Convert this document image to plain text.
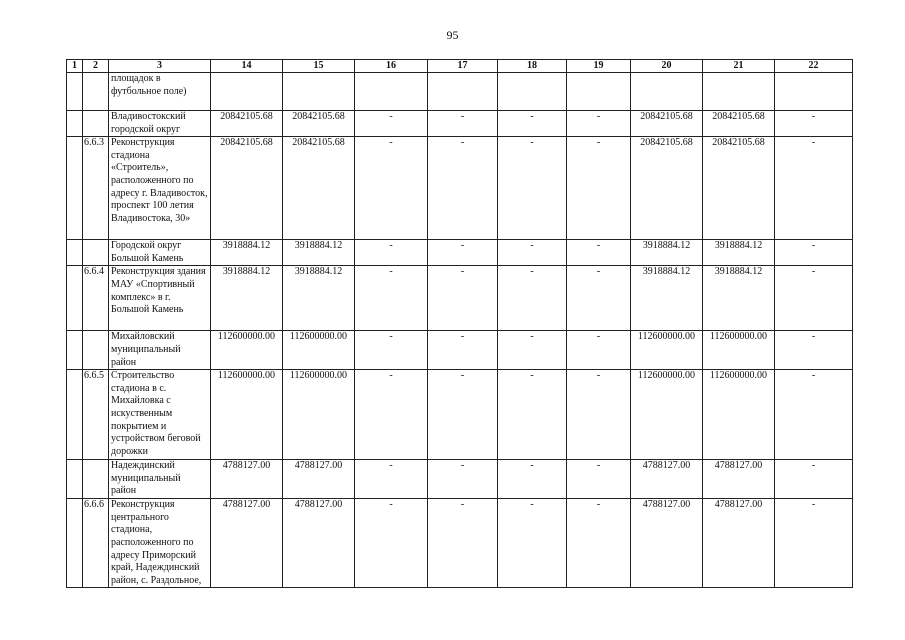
95
1	2	3	14	15	16	17	18	19	20	21	22
		площадок в футбольное поле)									
		Владивостокский городской округ	20842105.68	20842105.68	-	-	-	-	20842105.68	20842105.68	-
	6.6.3	Реконструкция стадиона «Строитель», расположенного по адресу г. Владивосток, проспект 100 летия Владивостока, 30»	20842105.68	20842105.68	-	-	-	-	20842105.68	20842105.68	-
		Городской округ Большой Камень	3918884.12	3918884.12	-	-	-	-	3918884.12	3918884.12	-
	6.6.4	Реконструкция здания МАУ «Спортивный комплекс» в г. Большой Камень	3918884.12	3918884.12	-	-	-	-	3918884.12	3918884.12	-
		Михайловский муниципальный район	112600000.00	112600000.00	-	-	-	-	112600000.00	112600000.00	-
	6.6.5	Строительство стадиона в с. Михайловка с искуственным покрытием и устройством беговой дорожки	112600000.00	112600000.00	-	-	-	-	112600000.00	112600000.00	-
		Надеждинский муниципальный район	4788127.00	4788127.00	-	-	-	-	4788127.00	4788127.00	-
	6.6.6	Реконструкция центрального стадиона, расположенного по адресу Приморский край, Надеждинский район, с. Раздольное,	4788127.00	4788127.00	-	-	-	-	4788127.00	4788127.00	-
